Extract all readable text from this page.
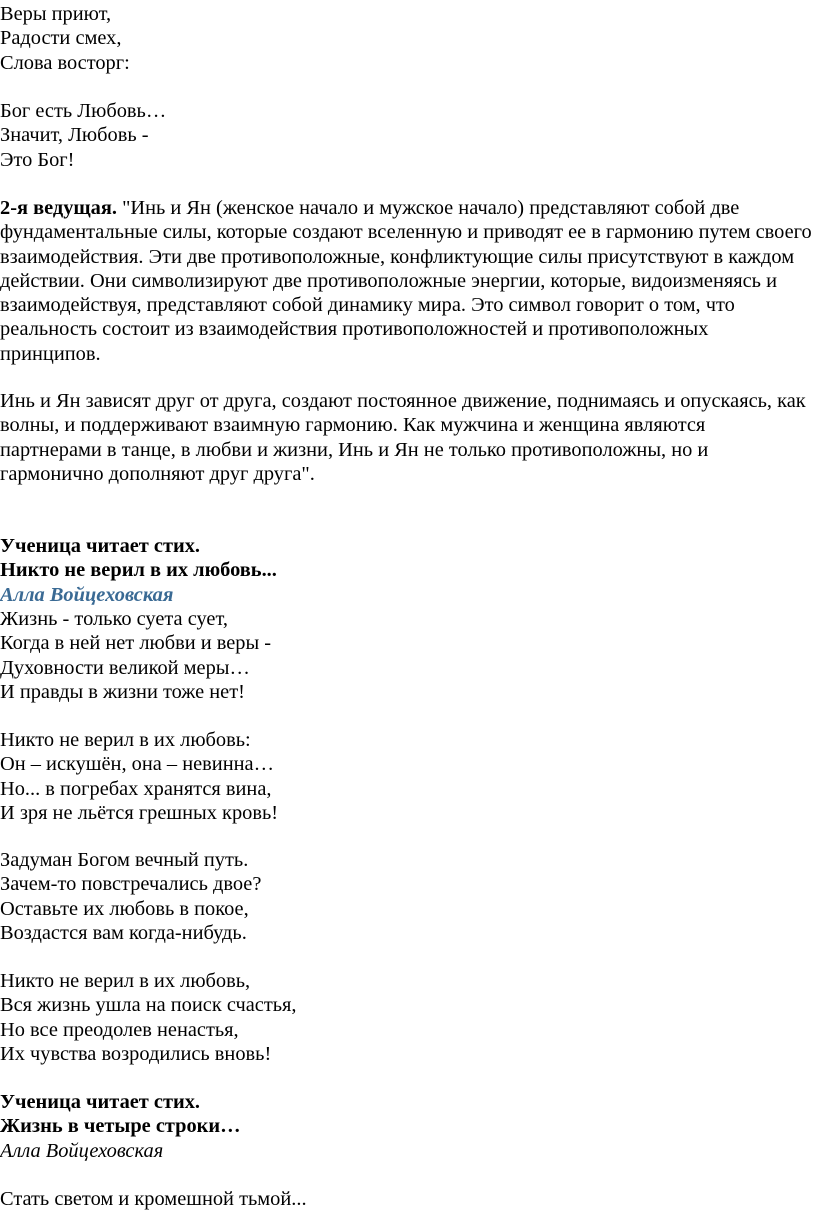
Веры приют,
Радости смех,
Слова восторг:
Бог есть Любовь…
Значит, Любовь -
Это Бог!
2-я ведущая. "Инь и Ян (женское начало и мужское начало) представляют собой две фундаментальные силы, которые создают вселенную и приводят ее в гармонию путем своего взаимодействия. Эти две противоположные, конфликтующие силы присутствуют в каждом действии. Они символизируют две противоположные энергии, которые, видоизменяясь и взаимодействуя, представляют собой динамику мира. Это символ говорит о том, что реальность состоит из взаимодействия противоположностей и противоположных принципов.
Инь и Ян зависят друг от друга, создают постоянное движение, поднимаясь и опускаясь, как волны, и поддерживают взаимную гармонию. Как мужчина и женщина являются партнерами в танце, в любви и жизни, Инь и Ян не только противоположны, но и гармонично дополняют друг друга".
Ученица читает стих.
Никто не верил в их любовь...
Алла Войцеховская
Жизнь - только суета сует,
Когда в ней нет любви и веры -
Духовности великой меры…
И правды в жизни тоже нет!
Никто не верил в их любовь:
Он – искушён, она – невинна…
Но... в погребах хранятся вина,
И зря не льётся грешных кровь!
Задуман Богом вечный путь.
Зачем-то повстречались двое?
Оставьте их любовь в покое,
Воздастся вам когда-нибудь.
Никто не верил в их любовь,
Вся жизнь ушла на поиск счастья,
Но все преодолев ненастья,
Их чувства возродились вновь!
Ученица читает стих.
Жизнь в четыре строки…
Алла Войцеховская
Стать светом и кромешной тьмой...
